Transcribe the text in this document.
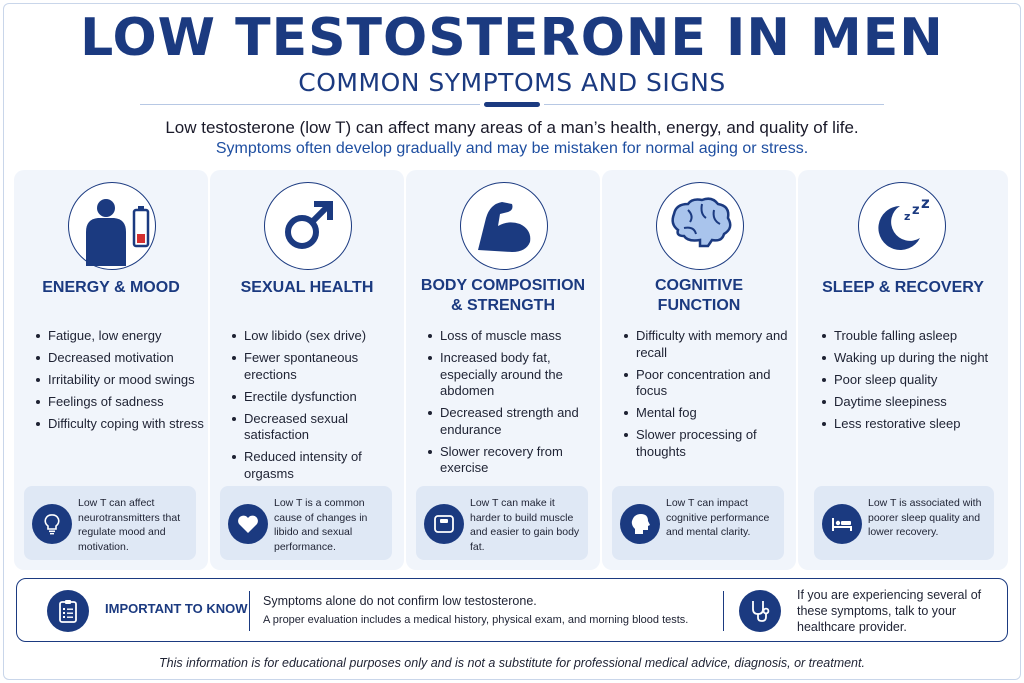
LOW TESTOSTERONE IN MEN
COMMON SYMPTOMS AND SIGNS
Low testosterone (low T) can affect many areas of a man’s health, energy, and quality of life.
Symptoms often develop gradually and may be mistaken for normal aging or stress.
ENERGY & MOOD
Fatigue, low energy
Decreased motivation
Irritability or mood swings
Feelings of sadness
Difficulty coping with stress
Low T can affect neurotransmitters that regulate mood and motivation.
SEXUAL HEALTH
Low libido (sex drive)
Fewer spontaneous erections
Erectile dysfunction
Decreased sexual satisfaction
Reduced intensity of orgasms
Low T is a common cause of changes in libido and sexual performance.
BODY COMPOSITION
& STRENGTH
Loss of muscle mass
Increased body fat, especially around the abdomen
Decreased strength and endurance
Slower recovery from exercise
Low T can make it harder to build muscle and easier to gain body fat.
COGNITIVE
FUNCTION
Difficulty with memory and recall
Poor concentration and focus
Mental fog
Slower processing of thoughts
Low T can impact cognitive performance and mental clarity.
z z z
SLEEP & RECOVERY
Trouble falling asleep
Waking up during the night
Poor sleep quality
Daytime sleepiness
Less restorative sleep
Low T is associated with poorer sleep quality and lower recovery.
IMPORTANT TO KNOW Symptoms alone do not confirm low testosterone.
A proper evaluation includes a medical history, physical exam, and morning blood tests.
If you are experiencing several of these symptoms, talk to your healthcare provider.
This information is for educational purposes only and is not a substitute for professional medical advice, diagnosis, or treatment.
